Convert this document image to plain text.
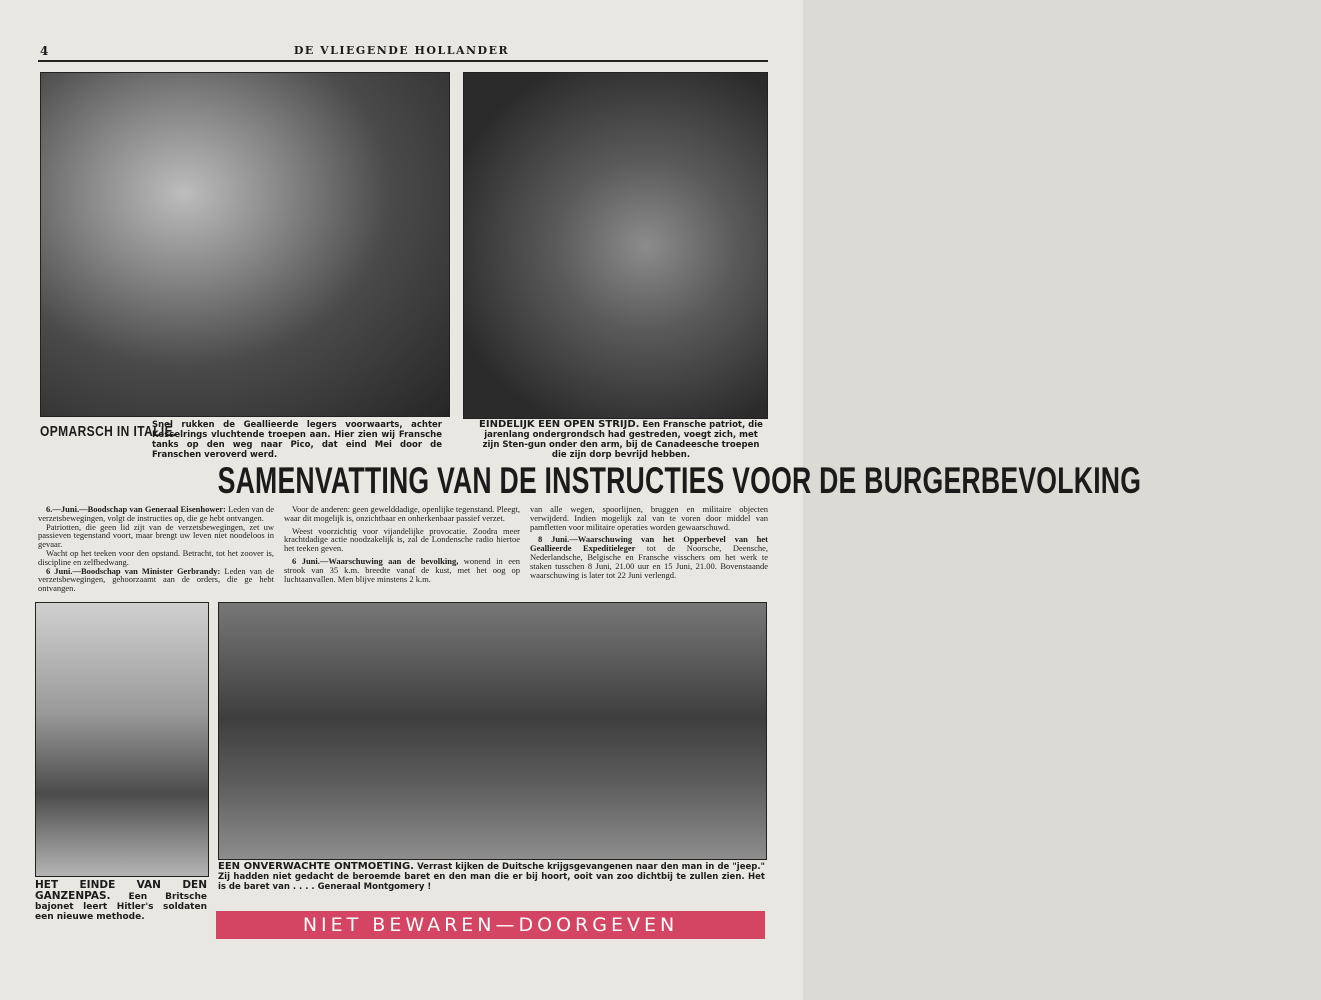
4	DE VLIEGENDE HOLLANDER
OPMARSCH IN ITALIË.
Snel rukken de Geallieerde legers voorwaarts, achter Kesselrings vluchtende troepen aan. Hier zien wij Fransche tanks op den weg naar Pico, dat eind Mei door de Franschen veroverd werd.
EINDELIJK EEN OPEN STRIJD. Een Fransche patriot, die jarenlang ondergrondsch had gestreden, voegt zich, met zijn Sten-gun onder den arm, bij de Canadeesche troepen die zijn dorp bevrijd hebben.
SAMENVATTING VAN DE INSTRUCTIES VOOR DE BURGERBEVOLKING

6.—Juni.—Boodschap van Generaal Eisenhower: Leden van de verzetsbewegingen, volgt de instructies op, die ge hebt ontvangen.

Patriotten, die geen lid zijt van de verzetsbewegingen, zet uw passieven tegenstand voort, maar brengt uw leven niet noodeloos in gevaar.

Wacht op het teeken voor den opstand. Betracht, tot het zoover is, discipline en zelfbedwang.

6 Juni.—Boodschap van Minister Gerbrandy: Leden van de verzetsbewegingen, gehoorzaamt aan de orders, die ge hebt ontvangen.

Voor de anderen: geen gewelddadige, openlijke tegenstand. Pleegt, waar dit mogelijk is, onzichtbaar en onherkenbaar passief verzet.

Weest voorzichtig voor vijandelijke provocatie. Zoodra meer krachtdadige actie noodzakelijk is, zal de Londensche radio hiertoe het teeken geven.

6 Juni.—Waarschuwing aan de bevolking, wonend in een strook van 35 k.m. breedte vanaf de kust, met het oog op luchtaanvallen. Men blijve minstens 2 k.m.

van alle wegen, spoorlijnen, bruggen en militaire objecten verwijderd. Indien mogelijk zal van te voren door middel van pamfletten voor militaire operaties worden gewaarschuwd.

8 Juni.—Waarschuwing van het Opperbevel van het Geallieerde Expeditieleger tot de Noorsche, Deensche, Nederlandsche, Belgische en Fransche visschers om het werk te staken tusschen 8 Juni, 21.00 uur en 15 Juni, 21.00. Bovenstaande waarschuwing is later tot 22 Juni verlengd.

HET EINDE VAN DEN GANZENPAS. Een Britsche bajonet leert Hitler's soldaten een nieuwe methode.
EEN ONVERWACHTE ONTMOETING. Verrast kijken de Duitsche krijgsgevangenen naar den man in de "jeep." Zij hadden niet gedacht de beroemde baret en den man die er bij hoort, ooit van zoo dichtbij te zullen zien. Het is de baret van . . . . Generaal Montgomery !
NIET BEWAREN—DOORGEVEN
